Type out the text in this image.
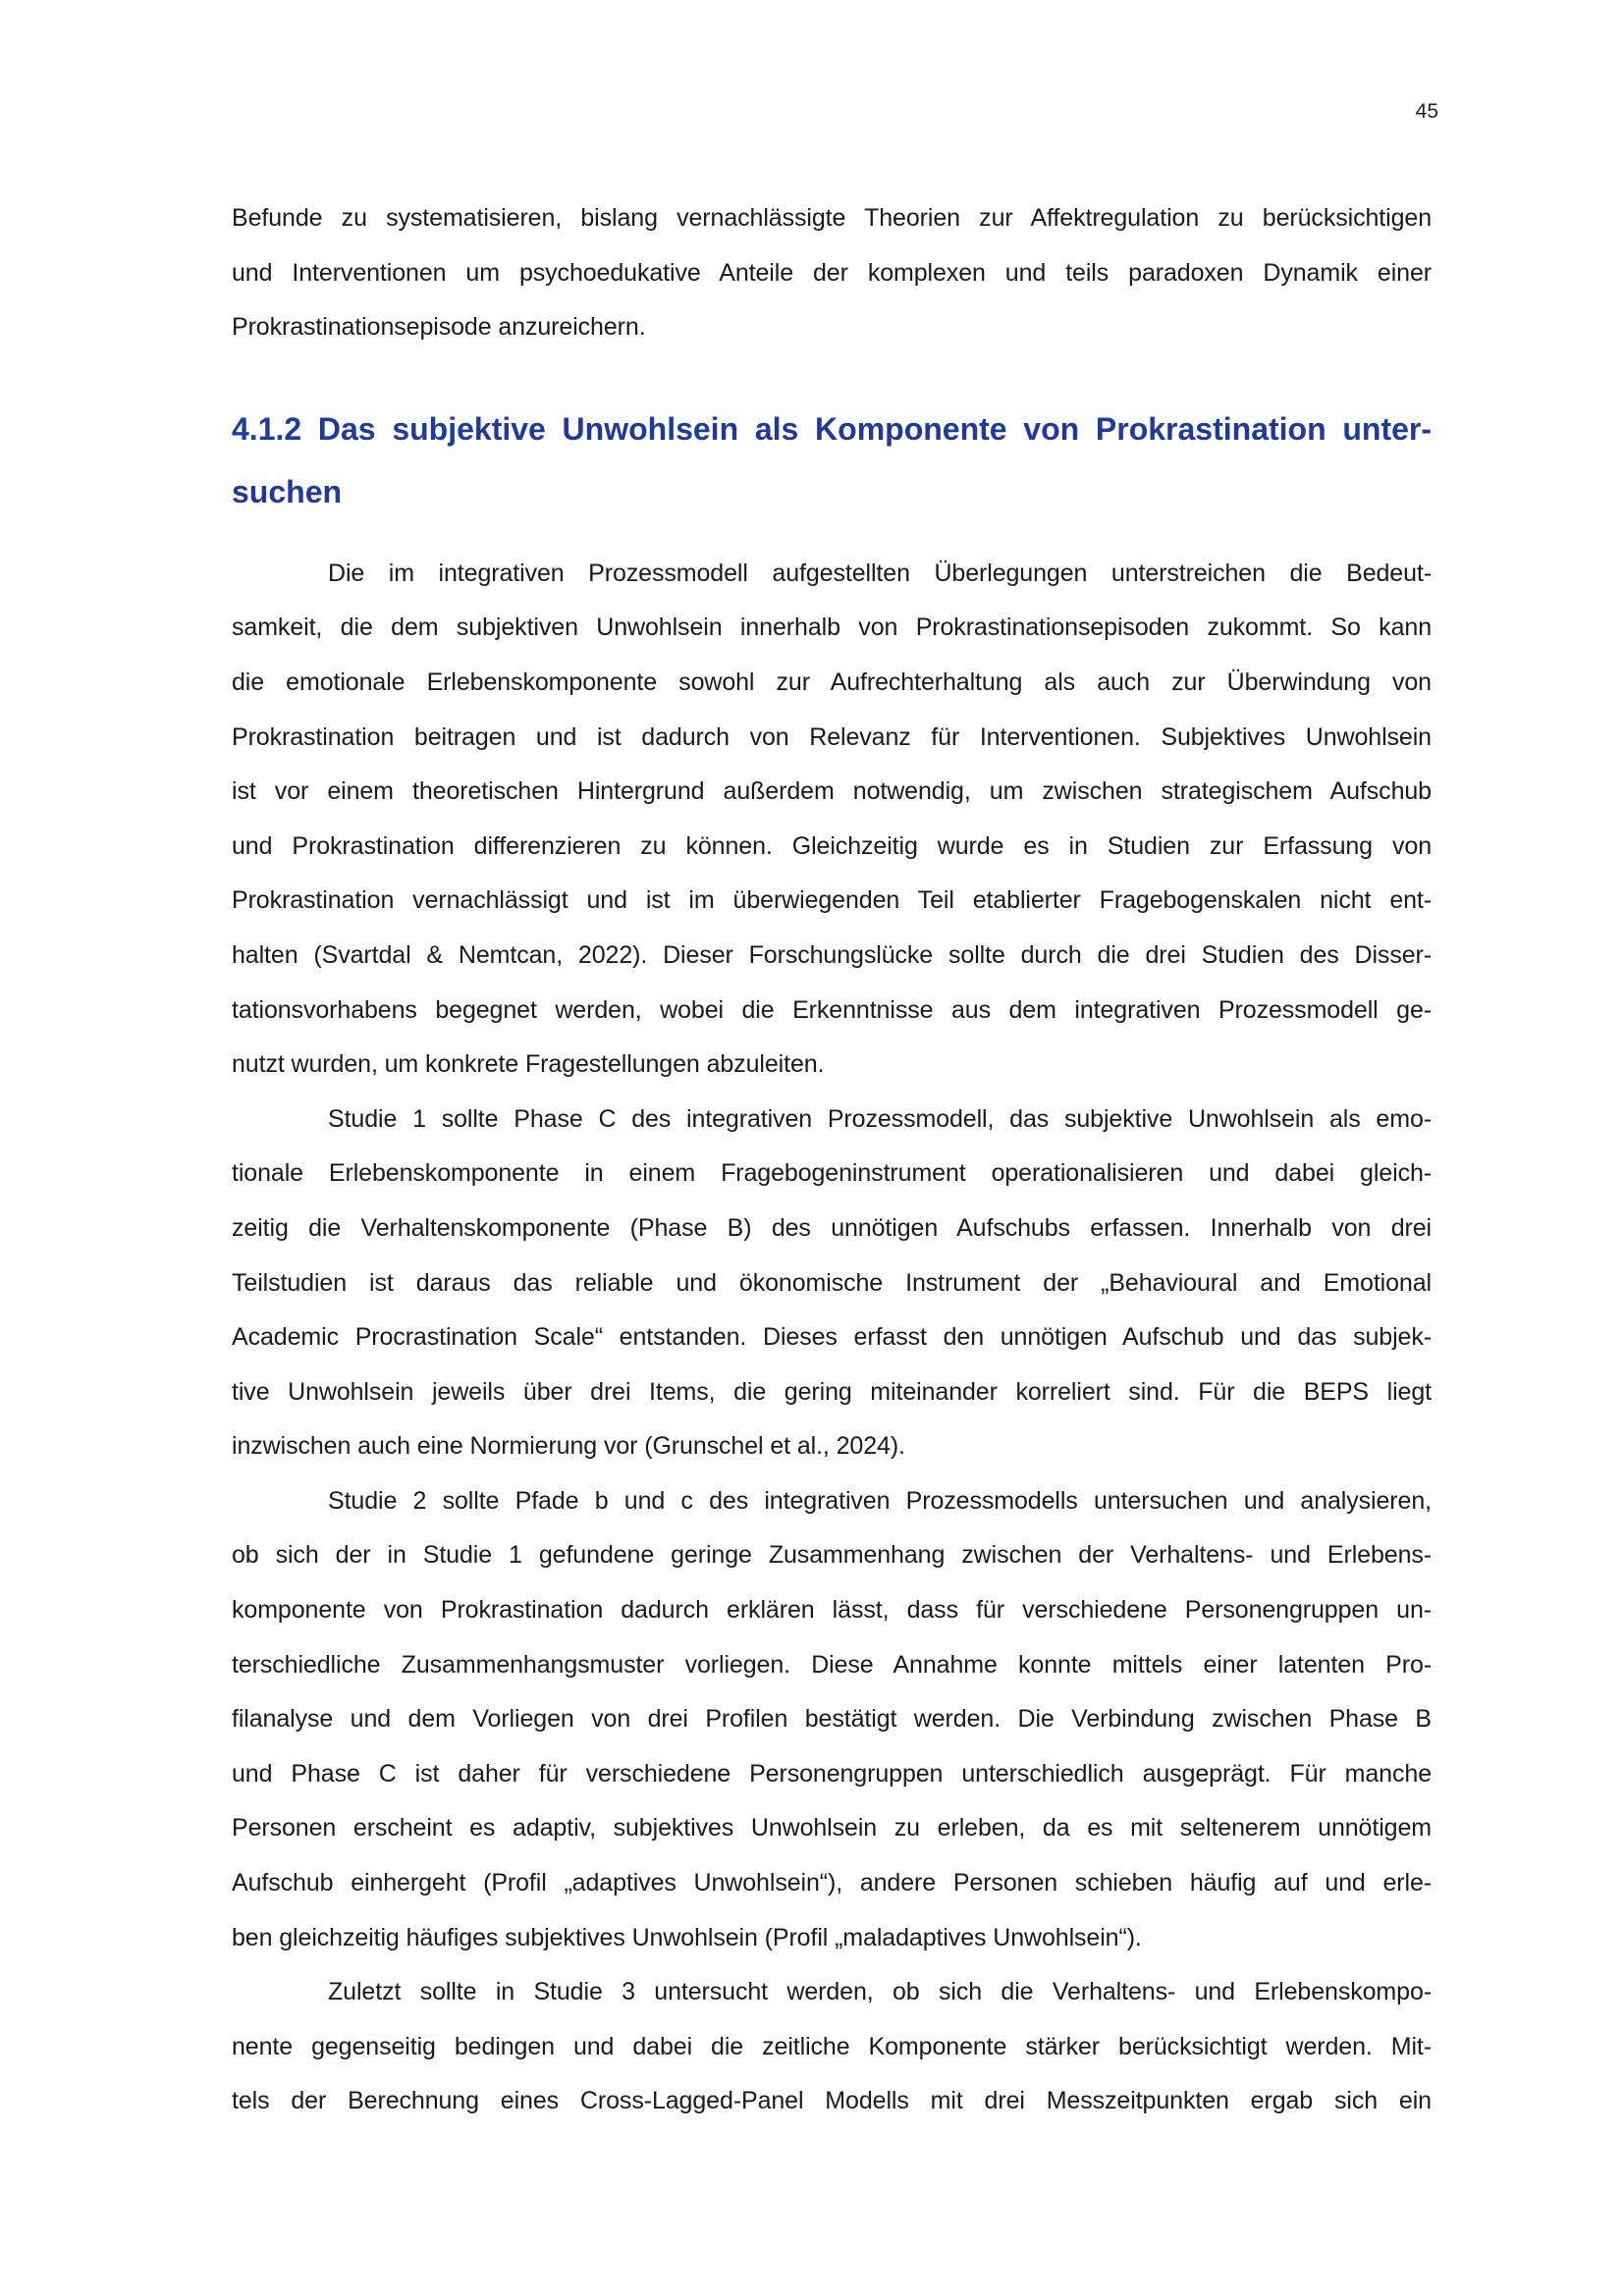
45
Befunde zu systematisieren, bislang vernachlässigte Theorien zur Affektregulation zu berücksichtigen
und Interventionen um psychoedukative Anteile der komplexen und teils paradoxen Dynamik einer
Prokrastinationsepisode anzureichern.
4.1.2 Das subjektive Unwohlsein als Komponente von Prokrastination unter-
suchen
Die im integrativen Prozessmodell aufgestellten Überlegungen unterstreichen die Bedeut-
samkeit, die dem subjektiven Unwohlsein innerhalb von Prokrastinationsepisoden zukommt. So kann
die emotionale Erlebenskomponente sowohl zur Aufrechterhaltung als auch zur Überwindung von
Prokrastination beitragen und ist dadurch von Relevanz für Interventionen. Subjektives Unwohlsein
ist vor einem theoretischen Hintergrund außerdem notwendig, um zwischen strategischem Aufschub
und Prokrastination differenzieren zu können. Gleichzeitig wurde es in Studien zur Erfassung von
Prokrastination vernachlässigt und ist im überwiegenden Teil etablierter Fragebogenskalen nicht ent-
halten (Svartdal & Nemtcan, 2022). Dieser Forschungslücke sollte durch die drei Studien des Disser-
tationsvorhabens begegnet werden, wobei die Erkenntnisse aus dem integrativen Prozessmodell ge-
nutzt wurden, um konkrete Fragestellungen abzuleiten.
Studie 1 sollte Phase C des integrativen Prozessmodell, das subjektive Unwohlsein als emo-
tionale Erlebenskomponente in einem Fragebogeninstrument operationalisieren und dabei gleich-
zeitig die Verhaltenskomponente (Phase B) des unnötigen Aufschubs erfassen. Innerhalb von drei
Teilstudien ist daraus das reliable und ökonomische Instrument der „Behavioural and Emotional
Academic Procrastination Scale“ entstanden. Dieses erfasst den unnötigen Aufschub und das subjek-
tive Unwohlsein jeweils über drei Items, die gering miteinander korreliert sind. Für die BEPS liegt
inzwischen auch eine Normierung vor (Grunschel et al., 2024).
Studie 2 sollte Pfade b und c des integrativen Prozessmodells untersuchen und analysieren,
ob sich der in Studie 1 gefundene geringe Zusammenhang zwischen der Verhaltens- und Erlebens-
komponente von Prokrastination dadurch erklären lässt, dass für verschiedene Personengruppen un-
terschiedliche Zusammenhangsmuster vorliegen. Diese Annahme konnte mittels einer latenten Pro-
filanalyse und dem Vorliegen von drei Profilen bestätigt werden. Die Verbindung zwischen Phase B
und Phase C ist daher für verschiedene Personengruppen unterschiedlich ausgeprägt. Für manche
Personen erscheint es adaptiv, subjektives Unwohlsein zu erleben, da es mit seltenerem unnötigem
Aufschub einhergeht (Profil „adaptives Unwohlsein“), andere Personen schieben häufig auf und erle-
ben gleichzeitig häufiges subjektives Unwohlsein (Profil „maladaptives Unwohlsein“).
Zuletzt sollte in Studie 3 untersucht werden, ob sich die Verhaltens- und Erlebenskompo-
nente gegenseitig bedingen und dabei die zeitliche Komponente stärker berücksichtigt werden. Mit-
tels der Berechnung eines Cross-Lagged-Panel Modells mit drei Messzeitpunkten ergab sich ein
